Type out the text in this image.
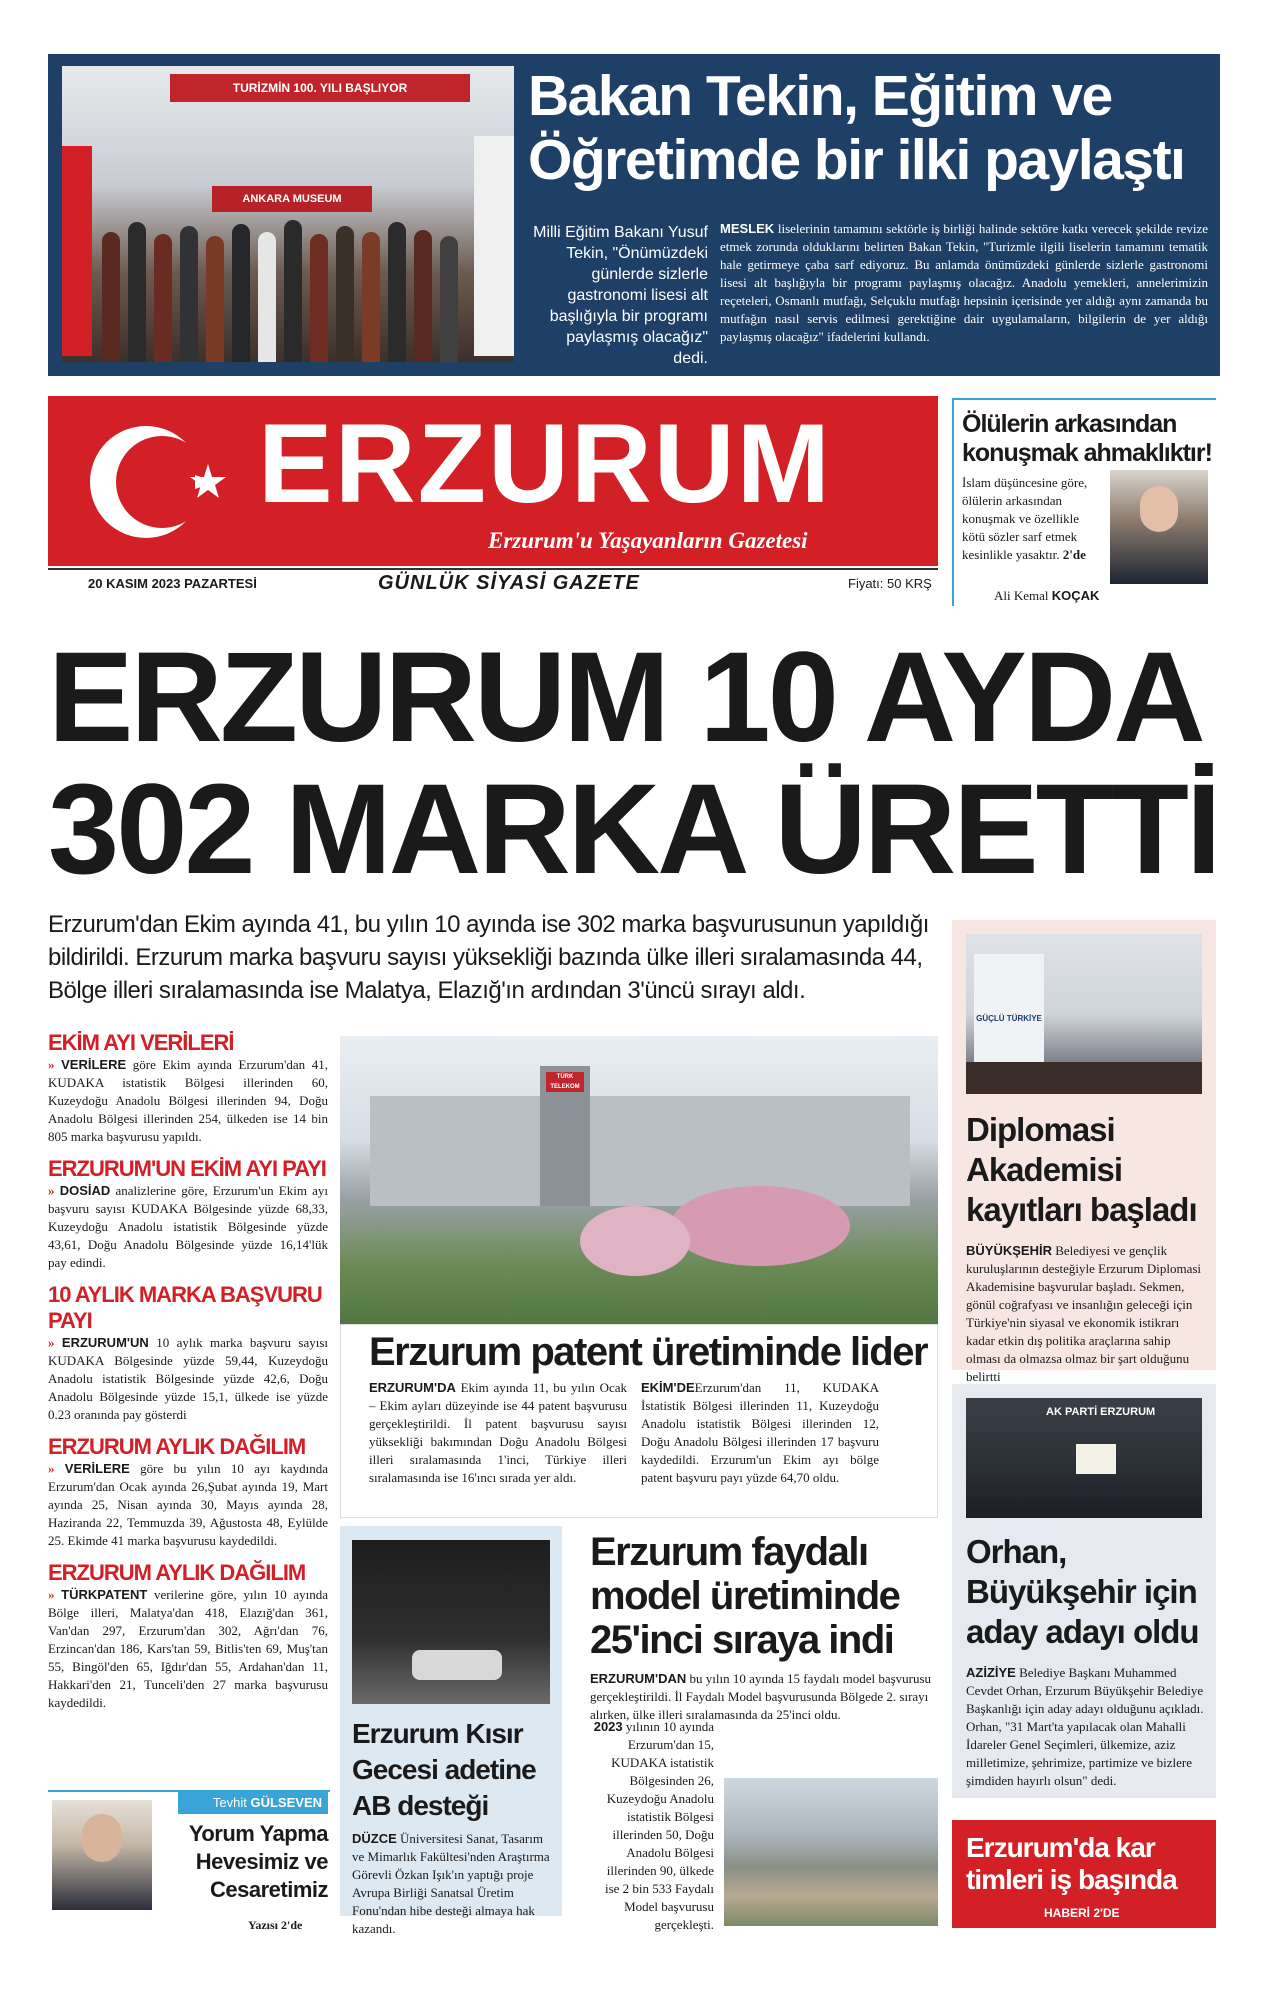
TURİZMİN 100. YILI BAŞLIYOR
ANKARA MUSEUM
Bakan Tekin, Eğitim ve Öğretimde bir ilki paylaştı
Milli Eğitim Bakanı Yusuf Tekin, "Önümüzdeki günlerde sizlerle gastronomi lisesi alt başlığıyla bir programı paylaşmış olacağız" dedi.
MESLEK liselerinin tamamını sektörle iş birliği halinde sektöre katkı verecek şekilde revize etmek zorunda olduklarını belirten Bakan Tekin, "Turizmle ilgili liselerin tamamını tematik hale getirmeye çaba sarf ediyoruz. Bu anlamda önümüzdeki günlerde sizlerle gastronomi lisesi alt başlığıyla bir programı paylaşmış olacağız. Anadolu yemekleri, annelerimizin reçeteleri, Osmanlı mutfağı, Selçuklu mutfağı hepsinin içerisinde yer aldığı aynı zamanda bu mutfağın nasıl servis edilmesi gerektiğine dair uygulamaların, bilgilerin de yer aldığı paylaşmış olacağız" ifadelerini kullandı.
ERZURUM
Erzurum'u Yaşayanların Gazetesi
20 KASIM 2023 PAZARTESİ	GÜNLÜK SİYASİ GAZETE	Fiyatı: 50 KRŞ
Ölülerin arkasından konuşmak ahmaklıktır!
İslam düşüncesine göre, ölülerin arkasından konuşmak ve özellikle kötü sözler sarf etmek kesinlikle yasaktır. 2'de
Ali Kemal KOÇAK
ERZURUM 10 AYDA
302 MARKA ÜRETTİ
Erzurum'dan Ekim ayında 41, bu yılın 10 ayında ise 302 marka başvurusunun yapıldığı bildirildi. Erzurum marka başvuru sayısı yüksekliği bazında ülke illeri sıralamasında 44, Bölge illeri sıralamasında ise Malatya, Elazığ'ın ardından 3'üncü sırayı aldı.
EKİM AYI VERİLERİ

» VERİLERE göre Ekim ayında Erzurum'dan 41, KUDAKA istatistik Bölgesi illerinden 60, Kuzeydoğu Anadolu Bölgesi illerinden 94, Doğu Anadolu Bölgesi illerinden 254, ülkeden ise 14 bin 805 marka başvurusu yapıldı.

ERZURUM'UN EKİM AYI PAYI

» DOSİAD analizlerine göre, Erzurum'un Ekim ayı başvuru sayısı KUDAKA Bölgesinde yüzde 68,33, Kuzeydoğu Anadolu istatistik Bölgesinde yüzde 43,61, Doğu Anadolu Bölgesinde yüzde 16,14'lük pay edindi.

10 AYLIK MARKA BAŞVURU PAYI

» ERZURUM'UN 10 aylık marka başvuru sayısı KUDAKA Bölgesinde yüzde 59,44, Kuzeydoğu Anadolu istatistik Bölgesinde yüzde 42,6, Doğu Anadolu Bölgesinde yüzde 15,1, ülkede ise yüzde 0.23 oranında pay gösterdi

ERZURUM AYLIK DAĞILIM

» VERİLERE göre bu yılın 10 ayı kaydında Erzurum'dan Ocak ayında 26,Şubat ayında 19, Mart ayında 25, Nisan ayında 30, Mayıs ayında 28, Haziranda 22, Temmuzda 39, Ağustosta 48, Eylülde 25. Ekimde 41 marka başvurusu kaydedildi.

ERZURUM AYLIK DAĞILIM

» TÜRKPATENT verilerine göre, yılın 10 ayında Bölge illeri, Malatya'dan 418, Elazığ'dan 361, Van'dan 297, Erzurum'dan 302, Ağrı'dan 76, Erzincan'dan 186, Kars'tan 59, Bitlis'ten 69, Muş'tan 55, Bingöl'den 65, Iğdır'dan 55, Ardahan'dan 11, Hakkari'den 21, Tunceli'den 27 marka başvurusu kaydedildi.

TÜRK TELEKOM
Erzurum patent üretiminde lider
ERZURUM'DA Ekim ayında 11, bu yılın Ocak – Ekim ayları düzeyinde ise 44 patent başvurusu gerçekleştirildi. İl patent başvurusu sayısı yüksekliği bakımından Doğu Anadolu Bölgesi illeri sıralamasında 1'inci, Türkiye illeri sıralamasında ise 16'ıncı sırada yer aldı.
EKİM'DEErzurum'dan 11, KUDAKA İstatistik Bölgesi illerinden 11, Kuzeydoğu Anadolu istatistik Bölgesi illerinden 12, Doğu Anadolu Bölgesi illerinden 17 başvuru kaydedildi. Erzurum'un Ekim ayı bölge patent başvuru payı yüzde 64,70 oldu.
GÜÇLÜ TÜRKİYE
Diplomasi Akademisi kayıtları başladı
BÜYÜKŞEHİR Belediyesi ve gençlik kuruluşlarının desteğiyle Erzurum Diplomasi Akademisine başvurular başladı. Sekmen, gönül coğrafyası ve insanlığın geleceği için Türkiye'nin siyasal ve ekonomik istikrarı kadar etkin dış politika araçlarına sahip olması da olmazsa olmaz bir şart olduğunu belirtti
AK PARTİ ERZURUM
Orhan, Büyükşehir için aday adayı oldu
AZİZİYE Belediye Başkanı Muhammed Cevdet Orhan, Erzurum Büyükşehir Belediye Başkanlığı için aday adayı olduğunu açıkladı. Orhan, "31 Mart'ta yapılacak olan Mahalli İdareler Genel Seçimleri, ülkemize, aziz milletimize, şehrimize, partimize ve bizlere şimdiden hayırlı olsun" dedi.
Erzurum'da kar timleri iş başında
HABERİ 2'DE
Erzurum Kısır Gecesi adetine AB desteği
DÜZCE Üniversitesi Sanat, Tasarım ve Mimarlık Fakültesi'nden Araştırma Görevli Özkan Işık'ın yaptığı proje Avrupa Birliği Sanatsal Üretim Fonu'ndan hibe desteği almaya hak kazandı.
Erzurum faydalı model üretiminde 25'inci sıraya indi
ERZURUM'DAN bu yılın 10 ayında 15 faydalı model başvurusu gerçekleştirildi. İl Faydalı Model başvurusunda Bölgede 2. sırayı alırken, ülke illeri sıralamasında da 25'inci oldu.
2023 yılının 10 ayında Erzurum'dan 15, KUDAKA istatistik Bölgesinden 26, Kuzeydoğu Anadolu istatistik Bölgesi illerinden 50, Doğu Anadolu Bölgesi illerinden 90, ülkede ise 2 bin 533 Faydalı Model başvurusu gerçekleşti.
Tevhit GÜLSEVEN
Yorum Yapma Hevesimiz ve Cesaretimiz
Yazısı 2'de
